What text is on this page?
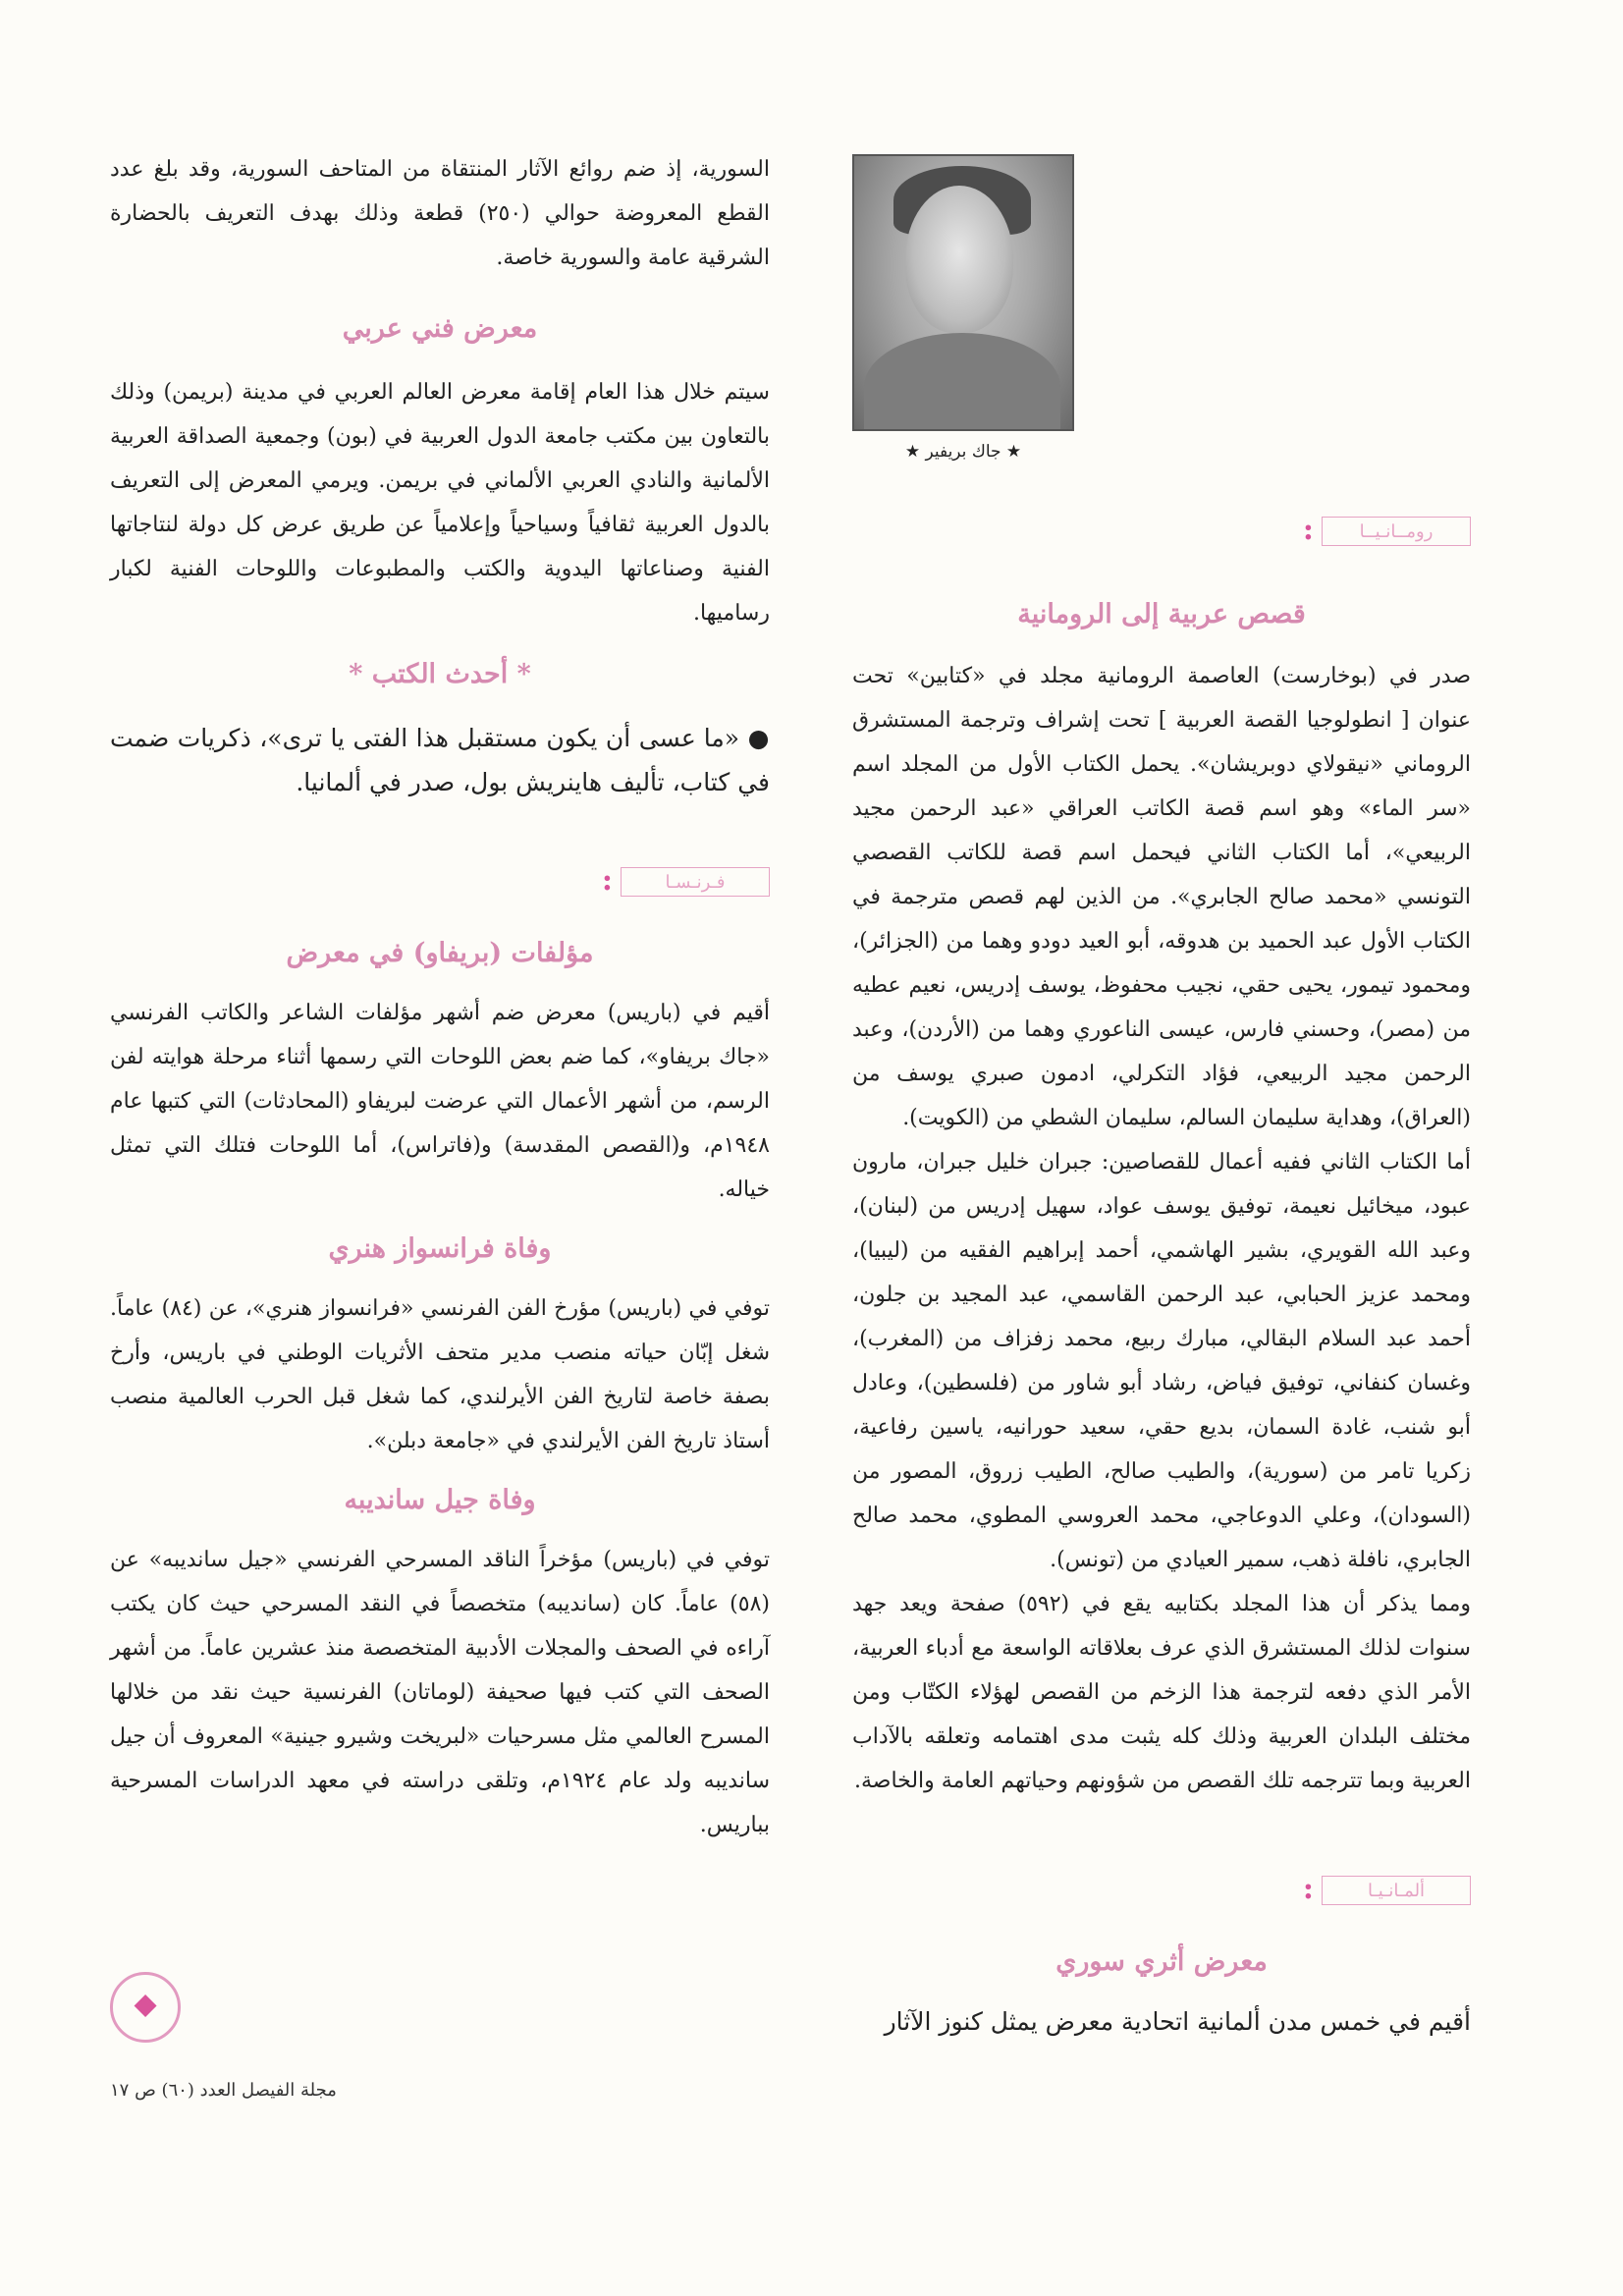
★ جاك بريفير ★
:	رومــانـيــا
قصص عربية إلى الرومانية

صدر في (بوخارست) العاصمة الرومانية مجلد في «كتابين» تحت عنوان [ انطولوجيا القصة العربية ] تحت إشراف وترجمة المستشرق الروماني «نيقولاي دوبريشان». يحمل الكتاب الأول من المجلد اسم «سر الماء» وهو اسم قصة الكاتب العراقي «عبد الرحمن مجيد الربيعي»، أما الكتاب الثاني فيحمل اسم قصة للكاتب القصصي التونسي «محمد صالح الجابري». من الذين لهم قصص مترجمة في الكتاب الأول عبد الحميد بن هدوقه، أبو العيد دودو وهما من (الجزائر)، ومحمود تيمور، يحيى حقي، نجيب محفوظ، يوسف إدريس، نعيم عطيه من (مصر)، وحسني فارس، عيسى الناعوري وهما من (الأردن)، وعبد الرحمن مجيد الربيعي، فؤاد التكرلي، ادمون صبري يوسف من (العراق)، وهداية سليمان السالم، سليمان الشطي من (الكويت).

أما الكتاب الثاني ففيه أعمال للقصاصين: جبران خليل جبران، مارون عبود، ميخائيل نعيمة، توفيق يوسف عواد، سهيل إدريس من (لبنان)، وعبد الله القويري، بشير الهاشمي، أحمد إبراهيم الفقيه من (ليبيا)، ومحمد عزيز الحبابي، عبد الرحمن القاسمي، عبد المجيد بن جلون، أحمد عبد السلام البقالي، مبارك ربيع، محمد زفزاف من (المغرب)، وغسان كنفاني، توفيق فياض، رشاد أبو شاور من (فلسطين)، وعادل أبو شنب، غادة السمان، بديع حقي، سعيد حورانيه، ياسين رفاعية، زكريا تامر من (سورية)، والطيب صالح، الطيب زروق، المصور من (السودان)، وعلي الدوعاجي، محمد العروسي المطوي، محمد صالح الجابري، نافلة ذهب، سمير العيادي من (تونس).

ومما يذكر أن هذا المجلد بكتابيه يقع في (٥٩٢) صفحة ويعد جهد سنوات لذلك المستشرق الذي عرف بعلاقاته الواسعة مع أدباء العربية، الأمر الذي دفعه لترجمة هذا الزخم من القصص لهؤلاء الكتّاب ومن مختلف البلدان العربية وذلك كله يثبت مدى اهتمامه وتعلقه بالآداب العربية وبما تترجمه تلك القصص من شؤونهم وحياتهم العامة والخاصة.

:	ألمـانـيـا
معرض أثري سوري

أقيم في خمس مدن ألمانية اتحادية معرض يمثل كنوز الآثار

السورية، إذ ضم روائع الآثار المنتقاة من المتاحف السورية، وقد بلغ عدد القطع المعروضة حوالي (٢٥٠) قطعة وذلك بهدف التعريف بالحضارة الشرقية عامة والسورية خاصة.

معرض فني عربي

سيتم خلال هذا العام إقامة معرض العالم العربي في مدينة (بريمن) وذلك بالتعاون بين مكتب جامعة الدول العربية في (بون) وجمعية الصداقة العربية الألمانية والنادي العربي الألماني في بريمن. ويرمي المعرض إلى التعريف بالدول العربية ثقافياً وسياحياً وإعلامياً عن طريق عرض كل دولة لنتاجاتها الفنية وصناعاتها اليدوية والكتب والمطبوعات واللوحات الفنية لكبار رساميها.

* أحدث الكتب *

● «ما عسى أن يكون مستقبل هذا الفتى يا ترى»، ذكريات ضمت في كتاب، تأليف هاينريش بول، صدر في ألمانيا.

:	فـرنـسـا
مؤلفات (بريفاو) في معرض

أقيم في (باريس) معرض ضم أشهر مؤلفات الشاعر والكاتب الفرنسي «جاك بريفاو»، كما ضم بعض اللوحات التي رسمها أثناء مرحلة هوايته لفن الرسم، من أشهر الأعمال التي عرضت لبريفاو (المحادثات) التي كتبها عام ١٩٤٨م، و(القصص المقدسة) و(فاتراس)، أما اللوحات فتلك التي تمثل خياله.

وفاة فرانسواز هنري

توفي في (باريس) مؤرخ الفن الفرنسي «فرانسواز هنري»، عن (٨٤) عاماً. شغل إبّان حياته منصب مدير متحف الأثريات الوطني في باريس، وأرخ بصفة خاصة لتاريخ الفن الأيرلندي، كما شغل قبل الحرب العالمية منصب أستاذ تاريخ الفن الأيرلندي في «جامعة دبلن».

وفاة جيل سانديبه

توفي في (باريس) مؤخراً الناقد المسرحي الفرنسي «جيل سانديبه» عن (٥٨) عاماً. كان (سانديبه) متخصصاً في النقد المسرحي حيث كان يكتب آراءه في الصحف والمجلات الأدبية المتخصصة منذ عشرين عاماً. من أشهر الصحف التي كتب فيها صحيفة (لوماتان) الفرنسية حيث نقد من خلالها المسرح العالمي مثل مسرحيات «لبريخت وشيرو جينية» المعروف أن جيل سانديبه ولد عام ١٩٢٤م، وتلقى دراسته في معهد الدراسات المسرحية بباريس.

⯁
مجلة الفيصل العدد (٦٠) ص ١٧
